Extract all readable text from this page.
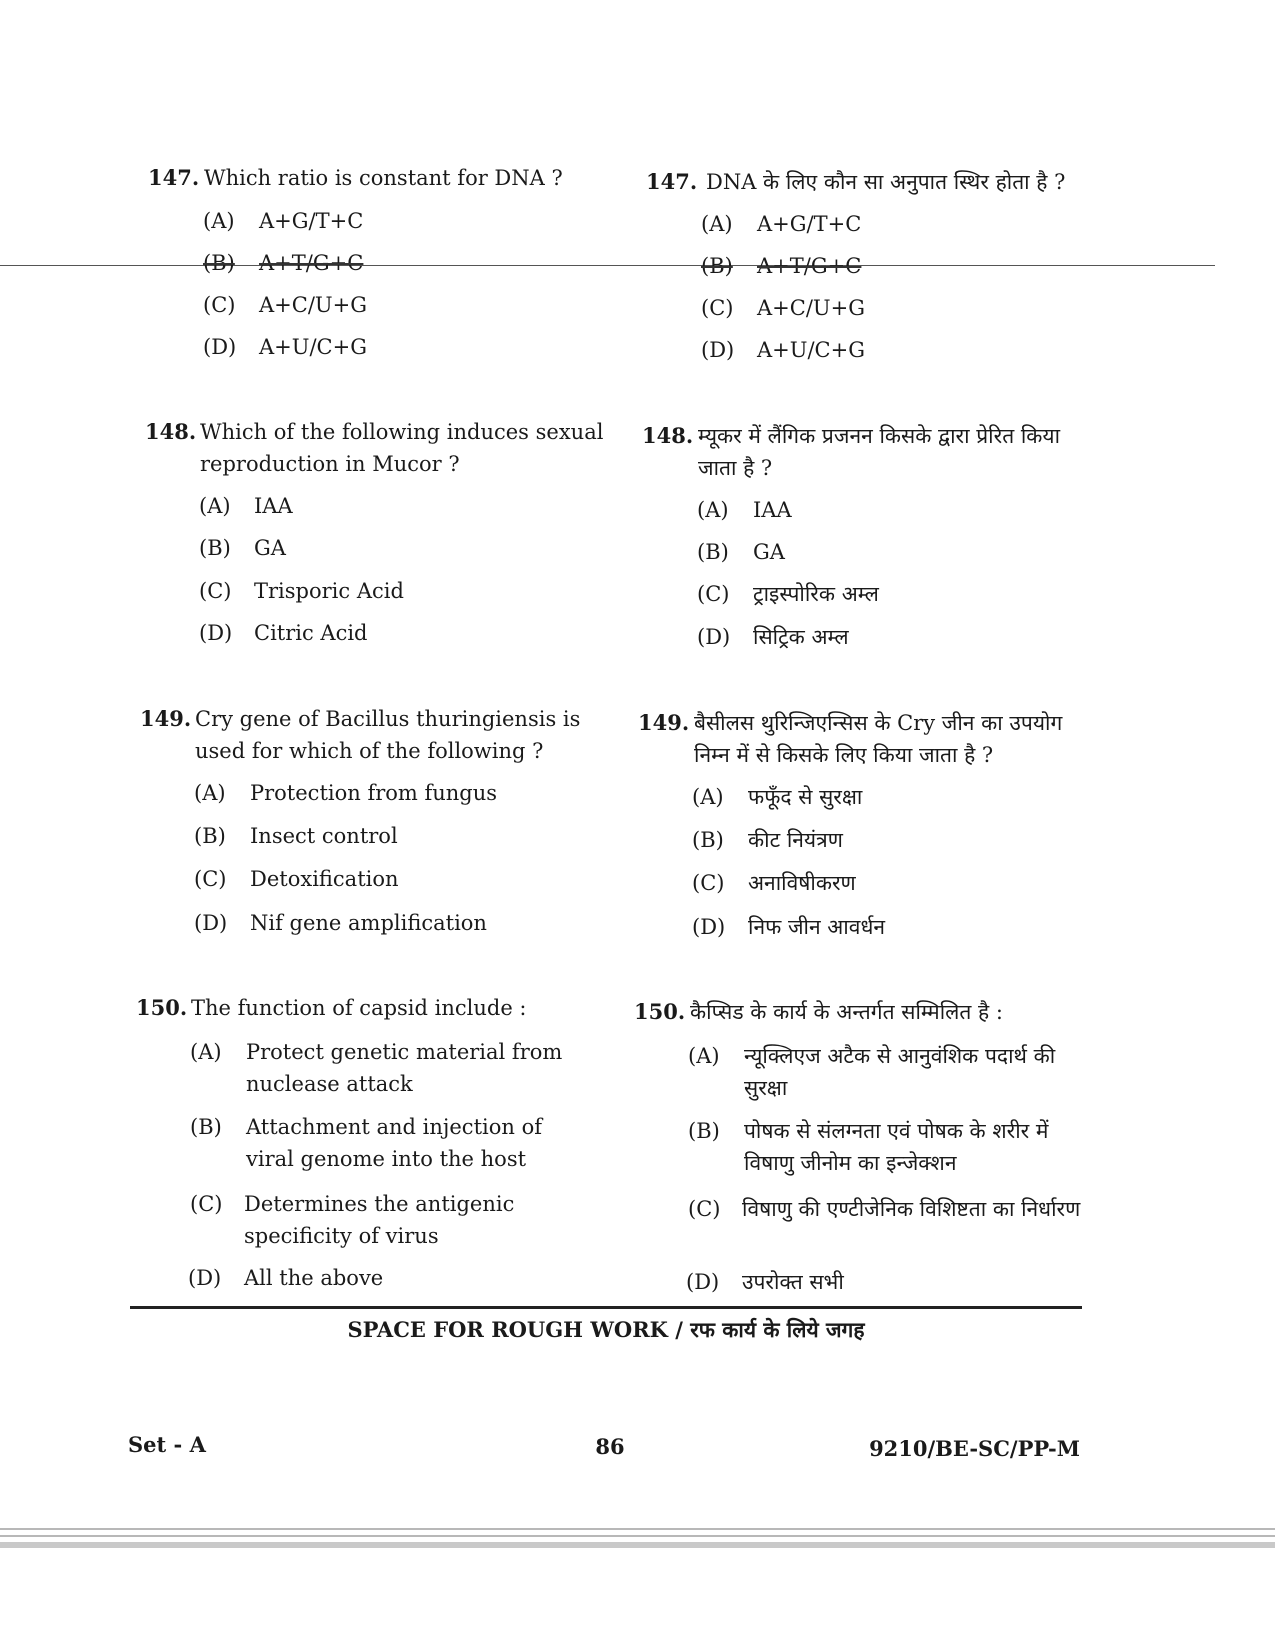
147. Which ratio is constant for DNA ?
(A) A+G/T+C
(B) A+T/G+C
(C) A+C/U+G
(D) A+U/C+G
148. Which of the following induces sexual reproduction in Mucor ?
(A) IAA
(B) GA
(C) Trisporic Acid
(D) Citric Acid
149. Cry gene of Bacillus thuringiensis is used for which of the following ?
(A) Protection from fungus
(B) Insect control
(C) Detoxification
(D) Nif gene amplification
150. The function of capsid include :
(A) Protect genetic material from nuclease attack
(B) Attachment and injection of viral genome into the host
(C) Determines the antigenic specificity of virus
(D) All the above
147. DNA के लिए कौन सा अनुपात स्थिर होता है ?
(A) A+G/T+C
(B) A+T/G+C
(C) A+C/U+G
(D) A+U/C+G
148. म्यूकर में लैंगिक प्रजनन किसके द्वारा प्रेरित किया जाता है ?
(A) IAA
(B) GA
(C) ट्राइस्पोरिक अम्ल
(D) सिट्रिक अम्ल
149. बैसीलस थुरिन्जिएन्सिस के Cry जीन का उपयोग निम्न में से किसके लिए किया जाता है ?
(A) फफूँद से सुरक्षा
(B) कीट नियंत्रण
(C) अनाविषीकरण
(D) निफ जीन आवर्धन
150. कैप्सिड के कार्य के अन्तर्गत सम्मिलित है :
(A) न्यूक्लिएज अटैक से आनुवंशिक पदार्थ की सुरक्षा
(B) पोषक से संलग्नता एवं पोषक के शरीर में विषाणु जीनोम का इन्जेक्शन
(C) विषाणु की एण्टीजेनिक विशिष्टता का निर्धारण
(D) उपरोक्त सभी
SPACE FOR ROUGH WORK / रफ कार्य के लिये जगह
Set - A	86	9210/BE-SC/PP-M
